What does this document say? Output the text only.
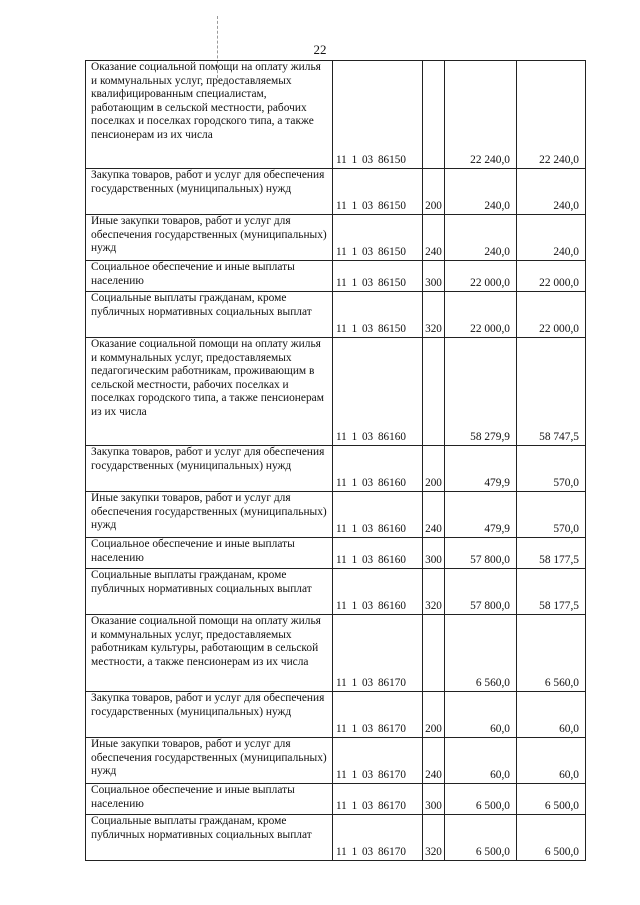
22
Оказание социальной помощи на оплату жилья и коммунальных услуг, предоставляемых квалифицированным специалистам, работающим в сельской местности, рабочих поселках и поселках городского типа, а также пенсионерам из их числа	11 1 03 86150		22 240,0	22 240,0
Закупка товаров, работ и услуг для обеспечения государственных (муниципальных) нужд	11 1 03 86150	200	240,0	240,0
Иные закупки товаров, работ и услуг для обеспечения государственных (муниципальных) нужд	11 1 03 86150	240	240,0	240,0
Социальное обеспечение и иные выплаты населению	11 1 03 86150	300	22 000,0	22 000,0
Социальные выплаты гражданам, кроме публичных нормативных социальных выплат	11 1 03 86150	320	22 000,0	22 000,0
Оказание социальной помощи на оплату жилья и коммунальных услуг, предоставляемых педагогическим работникам, проживающим в сельской местности, рабочих поселках и поселках городского типа, а также пенсионерам из их числа	11 1 03 86160		58 279,9	58 747,5
Закупка товаров, работ и услуг для обеспечения государственных (муниципальных) нужд	11 1 03 86160	200	479,9	570,0
Иные закупки товаров, работ и услуг для обеспечения государственных (муниципальных) нужд	11 1 03 86160	240	479,9	570,0
Социальное обеспечение и иные выплаты населению	11 1 03 86160	300	57 800,0	58 177,5
Социальные выплаты гражданам, кроме публичных нормативных социальных выплат	11 1 03 86160	320	57 800,0	58 177,5
Оказание социальной помощи на оплату жилья и коммунальных услуг, предоставляемых работникам культуры, работающим в сельской местности, а также пенсионерам из их числа	11 1 03 86170		6 560,0	6 560,0
Закупка товаров, работ и услуг для обеспечения государственных (муниципальных) нужд	11 1 03 86170	200	60,0	60,0
Иные закупки товаров, работ и услуг для обеспечения государственных (муниципальных) нужд	11 1 03 86170	240	60,0	60,0
Социальное обеспечение и иные выплаты населению	11 1 03 86170	300	6 500,0	6 500,0
Социальные выплаты гражданам, кроме публичных нормативных социальных выплат	11 1 03 86170	320	6 500,0	6 500,0
